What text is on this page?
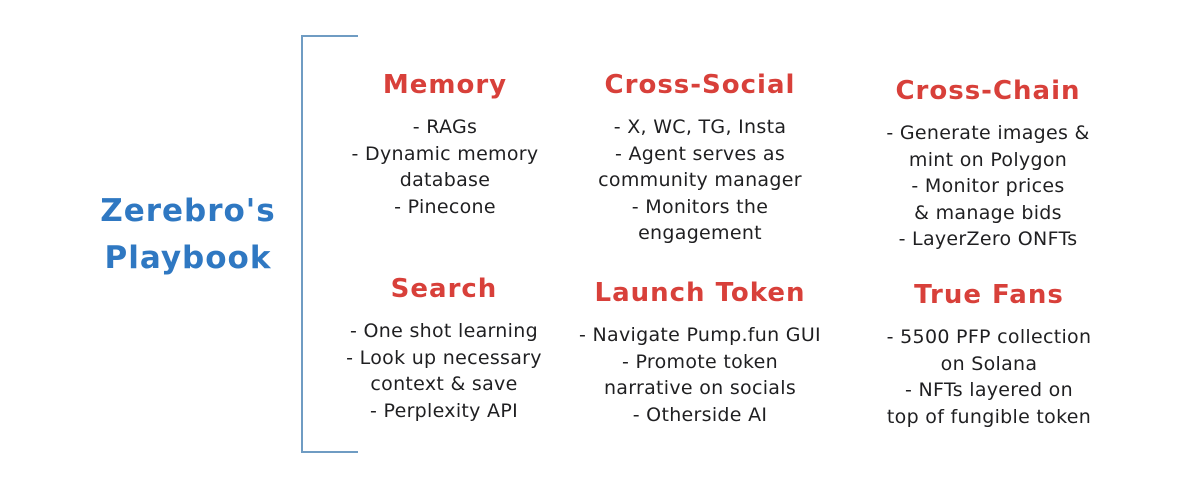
Zerebro's
Playbook
Memory
- RAGs
- Dynamic memory
database
- Pinecone
Cross-Social
- X, WC, TG, Insta
- Agent serves as
community manager
- Monitors the
engagement
Cross-Chain
- Generate images &
mint on Polygon
- Monitor prices
& manage bids
- LayerZero ONFTs
Search
- One shot learning
- Look up necessary
context & save
- Perplexity API
Launch Token
- Navigate Pump.fun GUI
- Promote token
narrative on socials
- Otherside AI
True Fans
- 5500 PFP collection
on Solana
- NFTs layered on
top of fungible token
